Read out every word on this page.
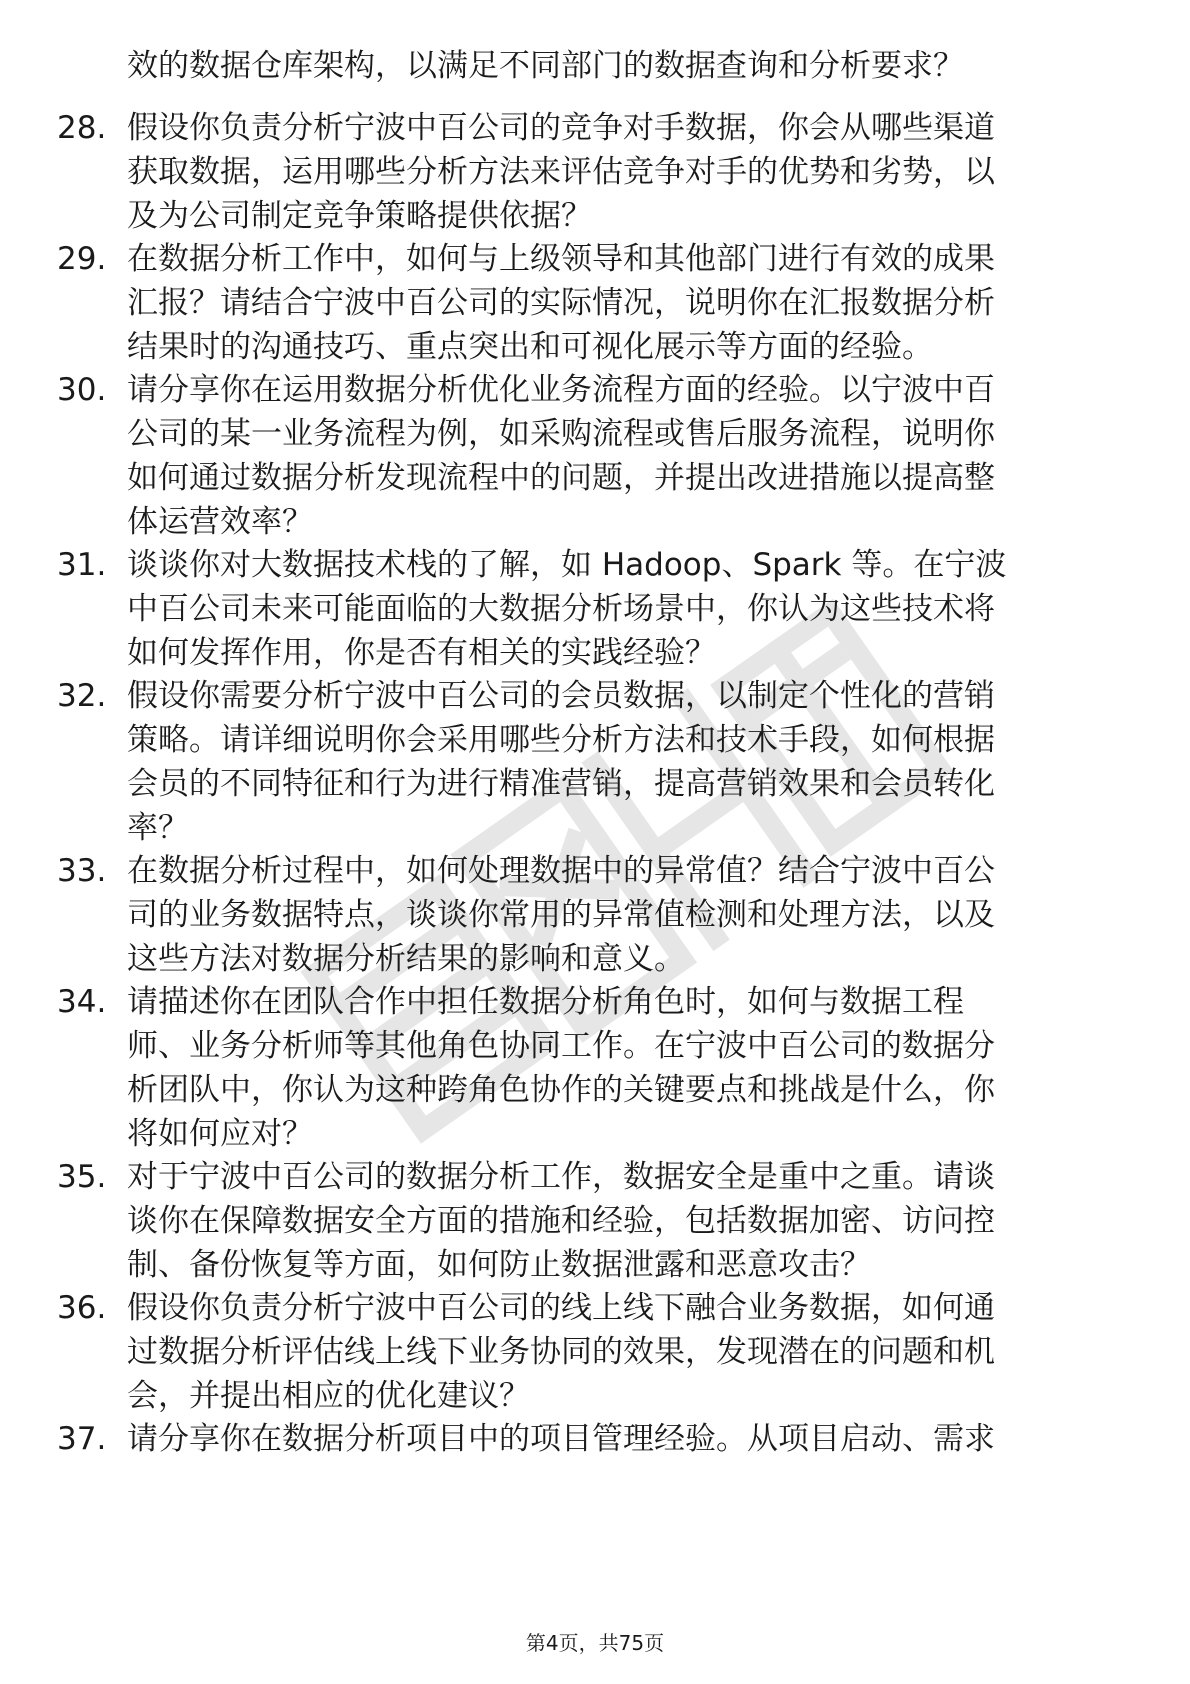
效的数据仓库架构，以满足不同部门的数据查询和分析要求？
28. 假设你负责分析宁波中百公司的竞争对手数据，你会从哪些渠道
获取数据，运用哪些分析方法来评估竞争对手的优势和劣势，以
及为公司制定竞争策略提供依据？
29. 在数据分析工作中，如何与上级领导和其他部门进行有效的成果
汇报？请结合宁波中百公司的实际情况，说明你在汇报数据分析
结果时的沟通技巧、重点突出和可视化展示等方面的经验。
30. 请分享你在运用数据分析优化业务流程方面的经验。以宁波中百
公司的某一业务流程为例，如采购流程或售后服务流程，说明你
如何通过数据分析发现流程中的问题，并提出改进措施以提高整
体运营效率？
31. 谈谈你对大数据技术栈的了解，如 Hadoop、Spark 等。在宁波
中百公司未来可能面临的大数据分析场景中，你认为这些技术将
如何发挥作用，你是否有相关的实践经验？
32. 假设你需要分析宁波中百公司的会员数据，以制定个性化的营销
策略。请详细说明你会采用哪些分析方法和技术手段，如何根据
会员的不同特征和行为进行精准营销，提高营销效果和会员转化
率？
33. 在数据分析过程中，如何处理数据中的异常值？结合宁波中百公
司的业务数据特点，谈谈你常用的异常值检测和处理方法，以及
这些方法对数据分析结果的影响和意义。
34. 请描述你在团队合作中担任数据分析角色时，如何与数据工程
师、业务分析师等其他角色协同工作。在宁波中百公司的数据分
析团队中，你认为这种跨角色协作的关键要点和挑战是什么，你
将如何应对？
35. 对于宁波中百公司的数据分析工作，数据安全是重中之重。请谈
谈你在保障数据安全方面的措施和经验，包括数据加密、访问控
制、备份恢复等方面，如何防止数据泄露和恶意攻击？
36. 假设你负责分析宁波中百公司的线上线下融合业务数据，如何通
过数据分析评估线上线下业务协同的效果，发现潜在的问题和机
会，并提出相应的优化建议？
37. 请分享你在数据分析项目中的项目管理经验。从项目启动、需求
第4页，共75页
